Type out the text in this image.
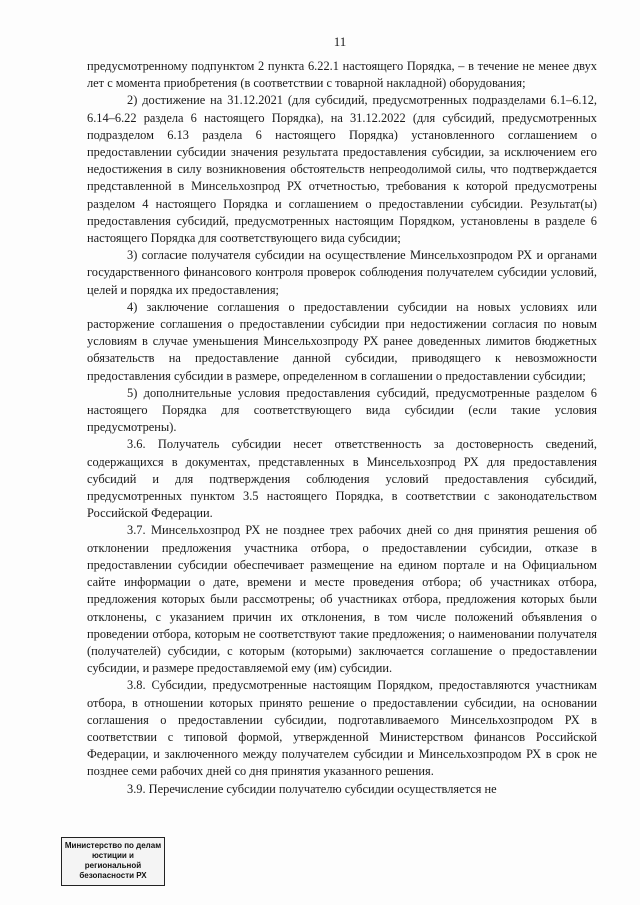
11

предусмотренному подпунктом 2 пункта 6.22.1 настоящего Порядка, – в течение не менее двух лет с момента приобретения (в соответствии с товарной накладной) оборудования;

2) достижение на 31.12.2021 (для субсидий, предусмотренных подразделами 6.1–6.12, 6.14–6.22 раздела 6 настоящего Порядка), на 31.12.2022 (для субсидий, предусмотренных подразделом 6.13 раздела 6 настоящего Порядка) установленного соглашением о предоставлении субсидии значения результата предоставления субсидии, за исключением его недостижения в силу возникновения обстоятельств непреодолимой силы, что подтверждается представленной в Минсельхозпрод РХ отчетностью, требования к которой предусмотрены разделом 4 настоящего Порядка и соглашением о предоставлении субсидии. Результат(ы) предоставления субсидий, предусмотренных настоящим Порядком, установлены в разделе 6 настоящего Порядка для соответствующего вида субсидии;

3) согласие получателя субсидии на осуществление Минсельхозпродом РХ и органами государственного финансового контроля проверок соблюдения получателем субсидии условий, целей и порядка их предоставления;

4) заключение соглашения о предоставлении субсидии на новых условиях или расторжение соглашения о предоставлении субсидии при недостижении согласия по новым условиям в случае уменьшения Минсельхозпроду РХ ранее доведенных лимитов бюджетных обязательств на предоставление данной субсидии, приводящего к невозможности предоставления субсидии в размере, определенном в соглашении о предоставлении субсидии;

5) дополнительные условия предоставления субсидий, предусмотренные разделом 6 настоящего Порядка для соответствующего вида субсидии (если такие условия предусмотрены).

3.6. Получатель субсидии несет ответственность за достоверность сведений, содержащихся в документах, представленных в Минсельхозпрод РХ для предоставления субсидий и для подтверждения соблюдения условий предоставления субсидий, предусмотренных пунктом 3.5 настоящего Порядка, в соответствии с законодательством Российской Федерации.

3.7. Минсельхозпрод РХ не позднее трех рабочих дней со дня принятия решения об отклонении предложения участника отбора, о предоставлении субсидии, отказе в предоставлении субсидии обеспечивает размещение на едином портале и на Официальном сайте информации о дате, времени и месте проведения отбора; об участниках отбора, предложения которых были рассмотрены; об участниках отбора, предложения которых были отклонены, с указанием причин их отклонения, в том числе положений объявления о проведении отбора, которым не соответствуют такие предложения; о наименовании получателя (получателей) субсидии, с которым (которыми) заключается соглашение о предоставлении субсидии, и размере предоставляемой ему (им) субсидии.

3.8. Субсидии, предусмотренные настоящим Порядком, предоставляются участникам отбора, в отношении которых принято решение о предоставлении субсидии, на основании соглашения о предоставлении субсидии, подготавливаемого Минсельхозпродом РХ в соответствии с типовой формой, утвержденной Министерством финансов Российской Федерации, и заключенного между получателем субсидии и Минсельхозпродом РХ в срок не позднее семи рабочих дней со дня принятия указанного решения.

3.9. Перечисление субсидии получателю субсидии осуществляется не

Министерство по делам
юстиции и региональной
безопасности РХ
